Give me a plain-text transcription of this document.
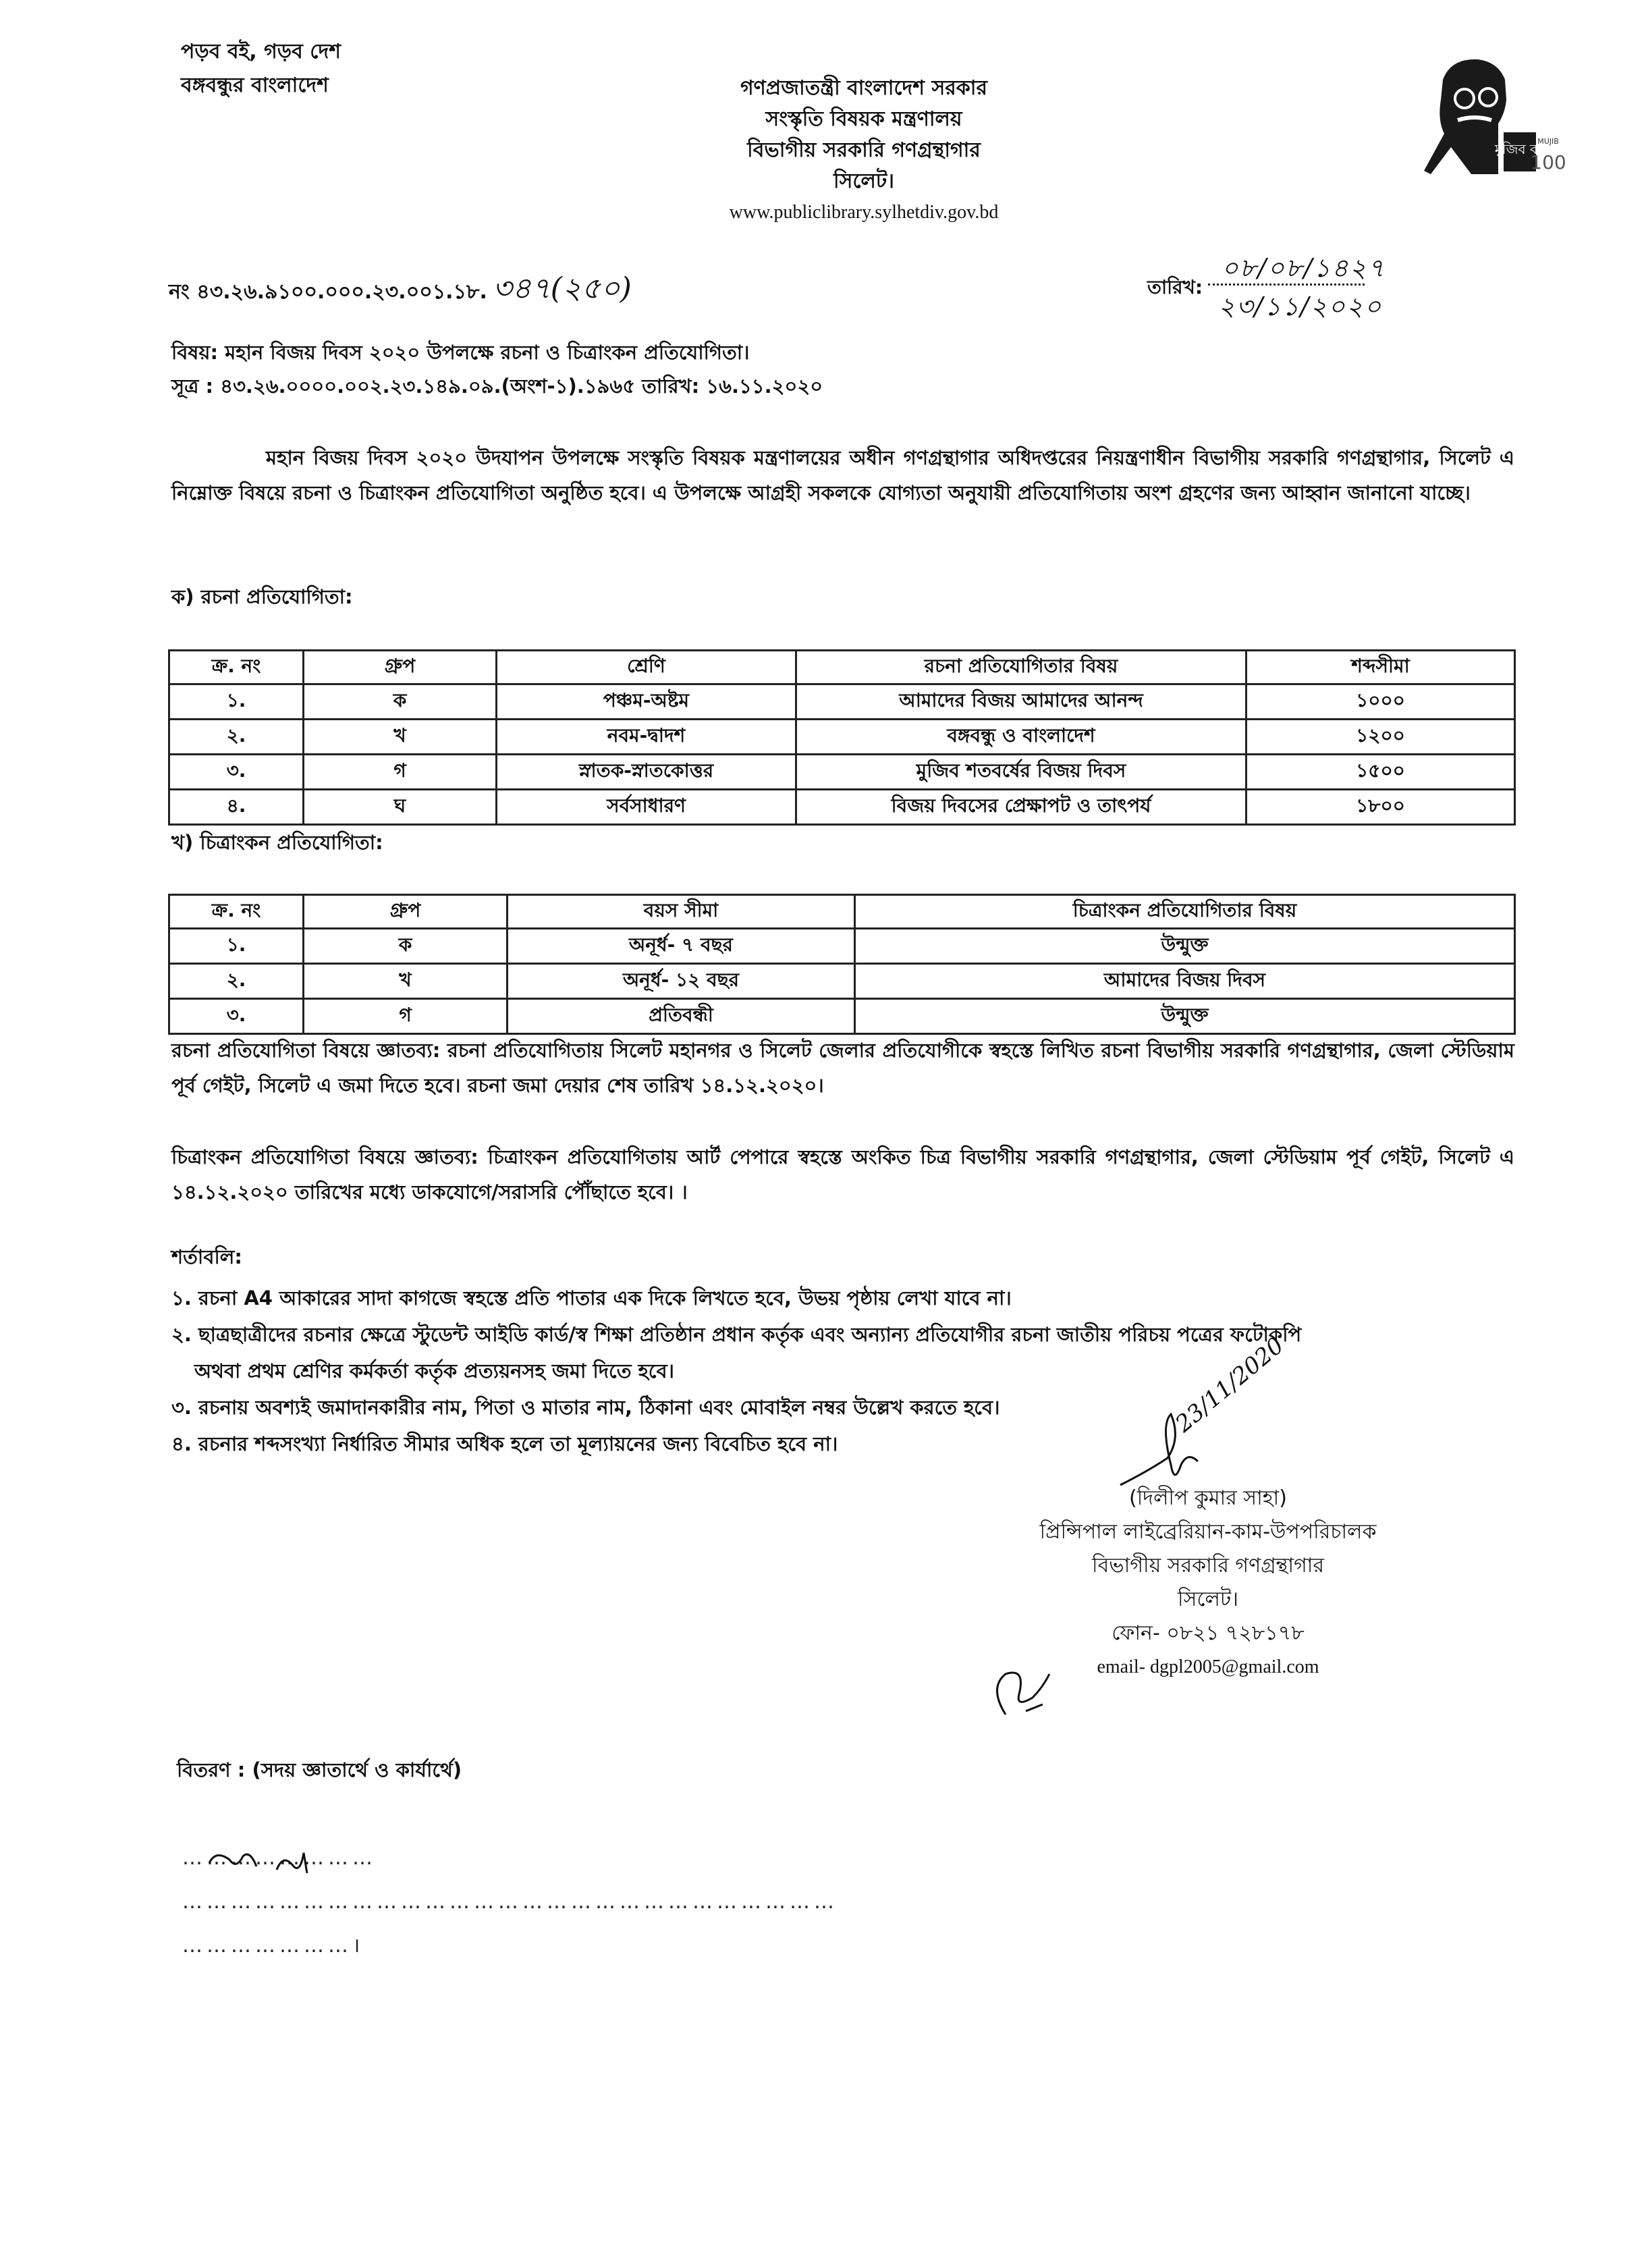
পড়ব বই, গড়ব দেশ
বঙ্গবন্ধুর বাংলাদেশ	গণপ্রজাতন্ত্রী বাংলাদেশ সরকার
সংস্কৃতি বিষয়ক মন্ত্রণালয়
বিভাগীয় সরকারি গণগ্রন্থাগার
সিলেট।
www.publiclibrary.sylhetdiv.gov.bd
মুজিব বর্ষ
MUJIB
100
নং ৪৩.২৬.৯১০০.০০০.২৩.০০১.১৮. ৩৪৭(২৫০)	তারিখ:
০৮/০৮/১৪২৭
২৩/১১/২০২০
বিষয়: মহান বিজয় দিবস ২০২০ উপলক্ষে রচনা ও চিত্রাংকন প্রতিযোগিতা।
সূত্র : ৪৩.২৬.০০০০.০০২.২৩.১৪৯.০৯.(অংশ-১).১৯৬৫ তারিখ: ১৬.১১.২০২০

মহান বিজয় দিবস ২০২০ উদযাপন উপলক্ষে সংস্কৃতি বিষয়ক মন্ত্রণালয়ের অধীন গণগ্রন্থাগার অধিদপ্তরের নিয়ন্ত্রণাধীন বিভাগীয় সরকারি গণগ্রন্থাগার, সিলেট এ নিম্নোক্ত বিষয়ে রচনা ও চিত্রাংকন প্রতিযোগিতা অনুষ্ঠিত হবে। এ উপলক্ষে আগ্রহী সকলকে যোগ্যতা অনুযায়ী প্রতিযোগিতায় অংশ গ্রহণের জন্য আহ্বান জানানো যাচ্ছে।

ক) রচনা প্রতিযোগিতা:
ক্র. নং	গ্রুপ	শ্রেণি	রচনা প্রতিযোগিতার বিষয়	শব্দসীমা
১.	ক	পঞ্চম-অষ্টম	আমাদের বিজয় আমাদের আনন্দ	১০০০
২.	খ	নবম-দ্বাদশ	বঙ্গবন্ধু ও বাংলাদেশ	১২০০
৩.	গ	স্নাতক-স্নাতকোত্তর	মুজিব শতবর্ষের বিজয় দিবস	১৫০০
৪.	ঘ	সর্বসাধারণ	বিজয় দিবসের প্রেক্ষাপট ও তাৎপর্য	১৮০০
খ) চিত্রাংকন প্রতিযোগিতা:
ক্র. নং	গ্রুপ	বয়স সীমা	চিত্রাংকন প্রতিযোগিতার বিষয়
১.	ক	অনূর্ধ- ৭ বছর	উন্মুক্ত
২.	খ	অনূর্ধ- ১২ বছর	আমাদের বিজয় দিবস
৩.	গ	প্রতিবন্ধী	উন্মুক্ত

রচনা প্রতিযোগিতা বিষয়ে জ্ঞাতব্য: রচনা প্রতিযোগিতায় সিলেট মহানগর ও সিলেট জেলার প্রতিযোগীকে স্বহস্তে লিখিত রচনা বিভাগীয় সরকারি গণগ্রন্থাগার, জেলা স্টেডিয়াম পূর্ব গেইট, সিলেট এ জমা দিতে হবে। রচনা জমা দেয়ার শেষ তারিখ ১৪.১২.২০২০।

চিত্রাংকন প্রতিযোগিতা বিষয়ে জ্ঞাতব্য: চিত্রাংকন প্রতিযোগিতায় আর্ট পেপারে স্বহস্তে অংকিত চিত্র বিভাগীয় সরকারি গণগ্রন্থাগার, জেলা স্টেডিয়াম পূর্ব গেইট, সিলেট এ ১৪.১২.২০২০ তারিখের মধ্যে ডাকযোগে/সরাসরি পৌঁছাতে হবে। ।

শর্তাবলি:
১. রচনা A4 আকারের সাদা কাগজে স্বহস্তে প্রতি পাতার এক দিকে লিখতে হবে, উভয় পৃষ্ঠায় লেখা যাবে না।
২. ছাত্রছাত্রীদের রচনার ক্ষেত্রে স্টুডেন্ট আইডি কার্ড/স্ব শিক্ষা প্রতিষ্ঠান প্রধান কর্তৃক এবং অন্যান্য প্রতিযোগীর রচনা জাতীয় পরিচয় পত্রের ফটোকপি
অথবা প্রথম শ্রেণির কর্মকর্তা কর্তৃক প্রত্যয়নসহ জমা দিতে হবে।
৩. রচনায় অবশ্যই জমাদানকারীর নাম, পিতা ও মাতার নাম, ঠিকানা এবং মোবাইল নম্বর উল্লেখ করতে হবে।
৪. রচনার শব্দসংখ্যা নির্ধারিত সীমার অধিক হলে তা মূল্যায়নের জন্য বিবেচিত হবে না।
23/11/2020
(দিলীপ কুমার সাহা)
প্রিন্সিপাল লাইব্রেরিয়ান-কাম-উপপরিচালক
বিভাগীয় সরকারি গণগ্রন্থাগার
সিলেট।
ফোন- ০৮২১ ৭২৮১৭৮
email- dgpl2005@gmail.com
বিতরণ : (সদয় জ্ঞাতার্থে ও কার্যার্থে)
……………………
………………………………………………………………………
…………………।
